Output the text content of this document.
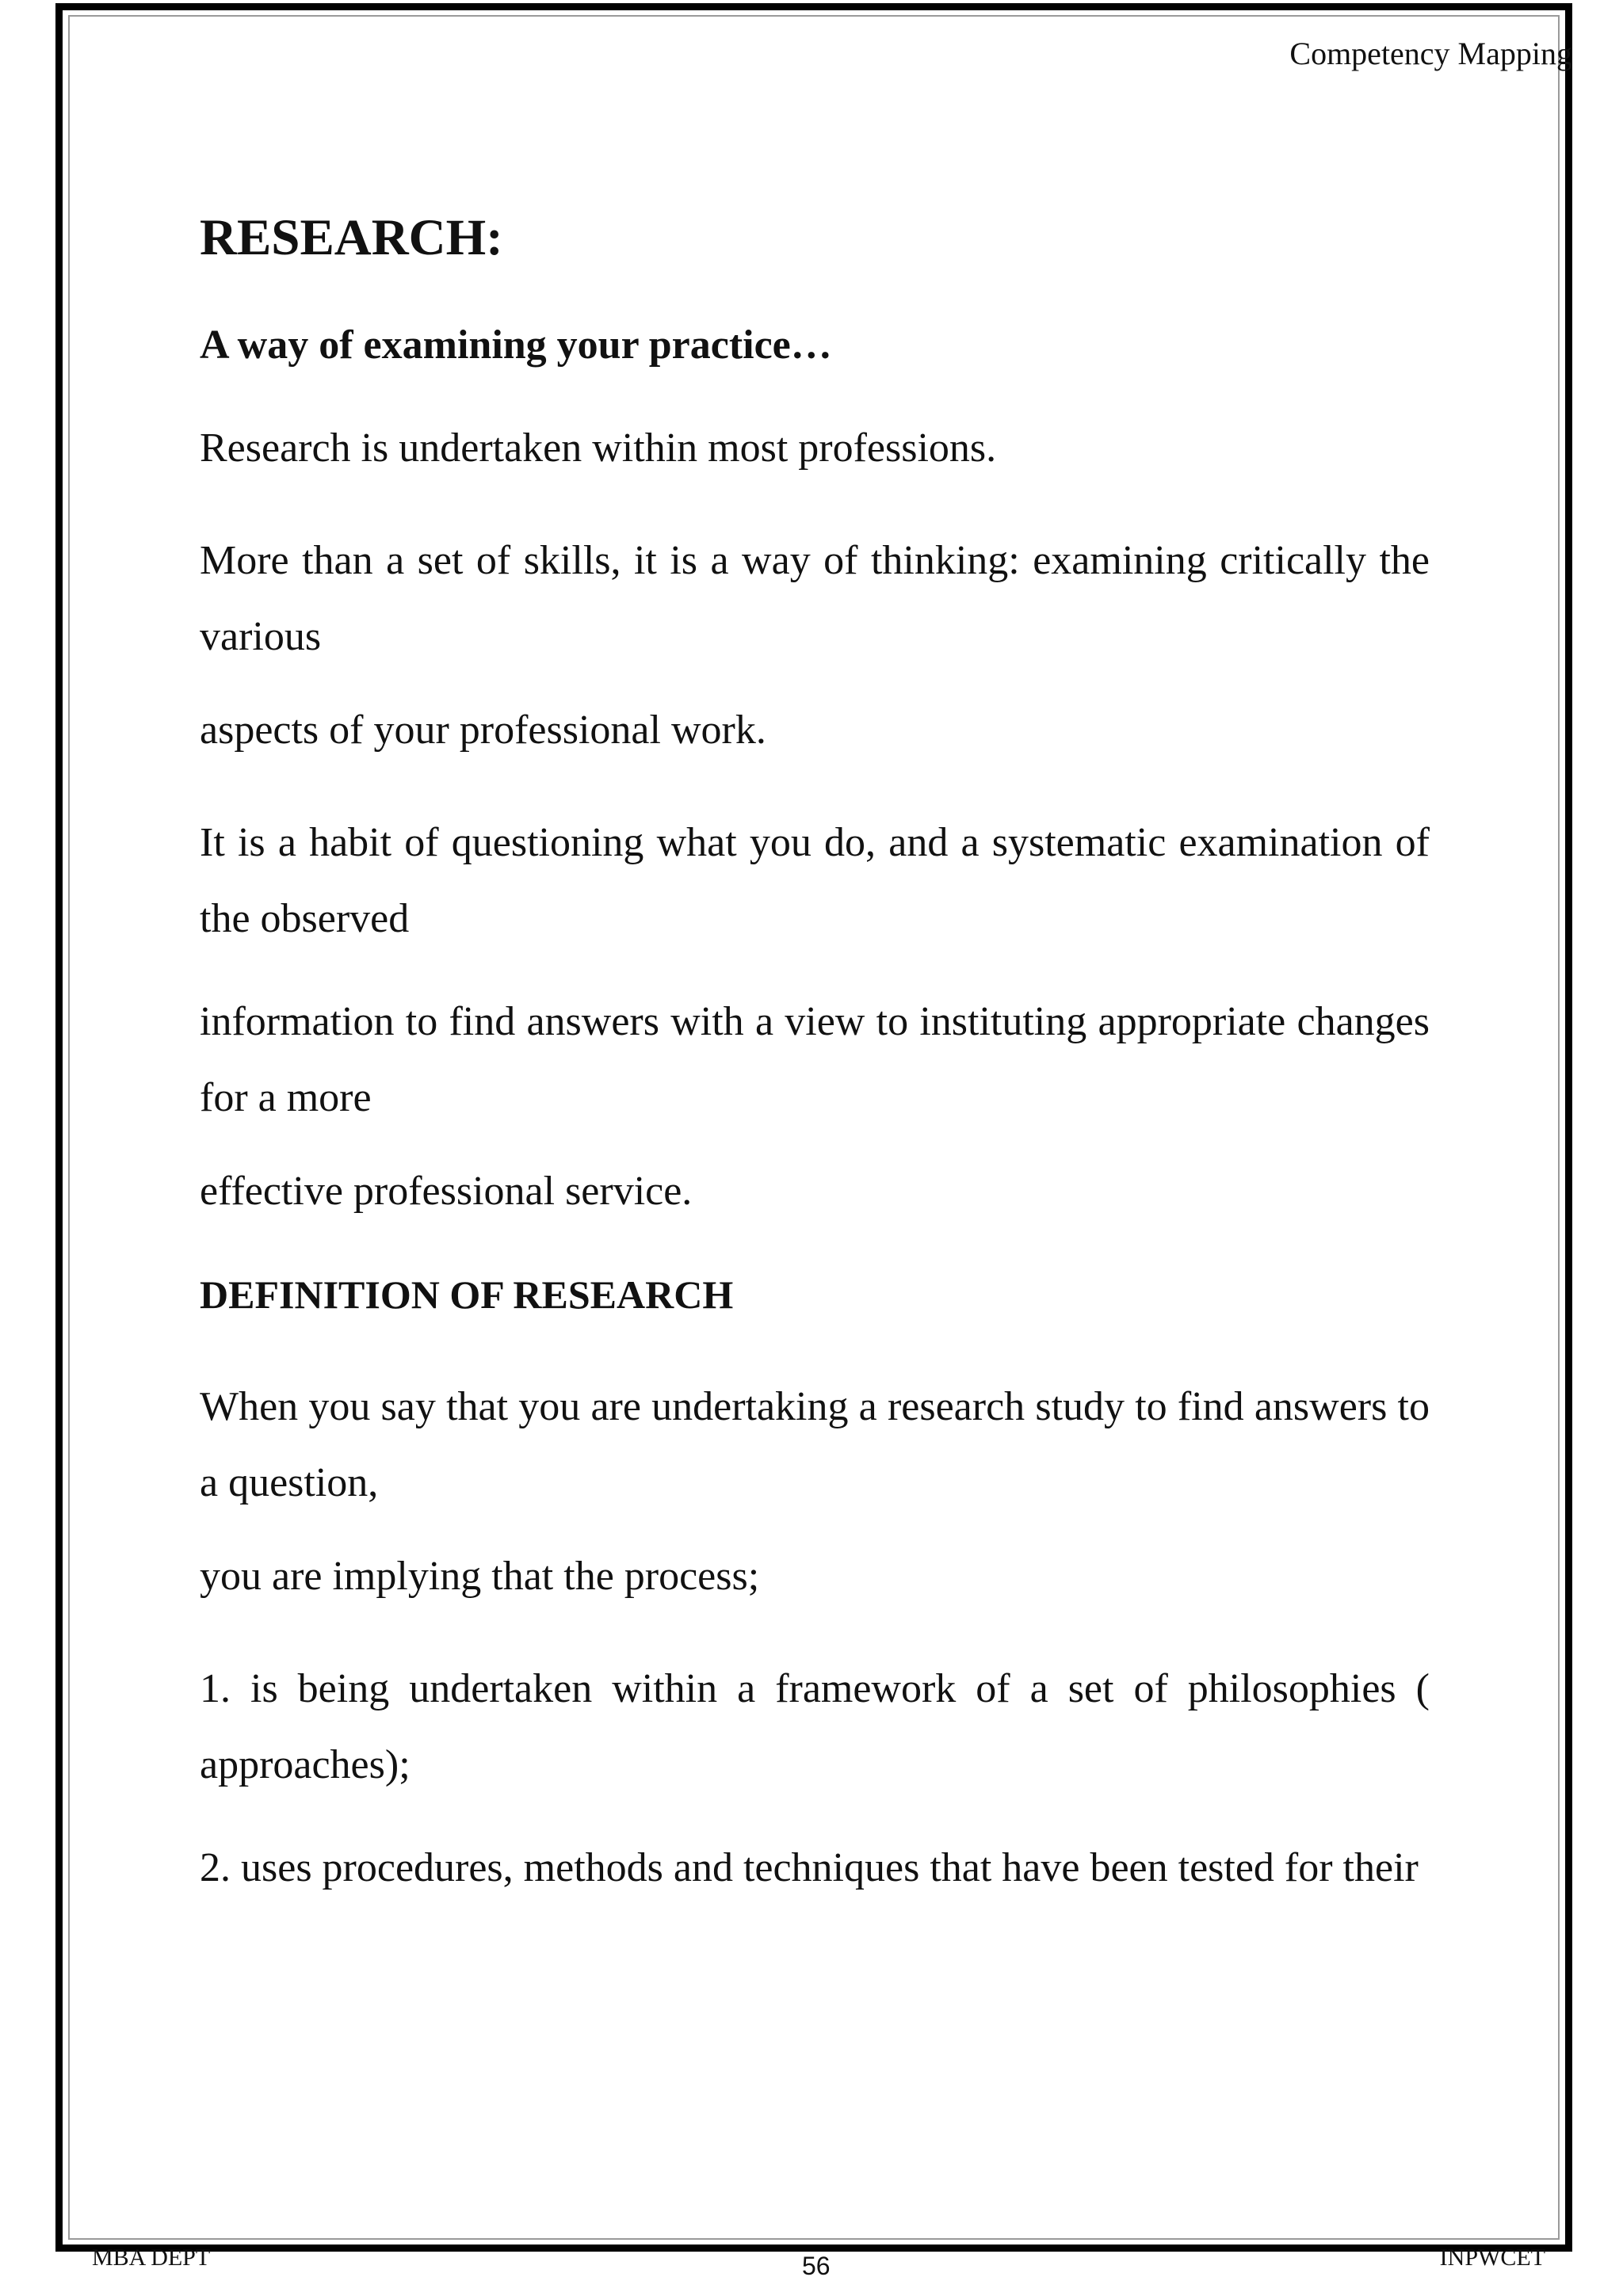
Competency Mapping
RESEARCH:
A way of examining your practice…

Research is undertaken within most professions.

More than a set of skills, it is a way of thinking: examining critically the various

aspects of your professional work.

It is a habit of questioning what you do, and a systematic examination of the observed

information to find answers with a view to instituting appropriate changes for a more

effective professional service.

DEFINITION OF RESEARCH

When you say that you are undertaking a research study to find answers to a question,

you are implying that the process;

1. is being undertaken within a framework of a set of philosophies ( approaches);

2. uses procedures, methods and techniques that have been tested for their

MBA DEPT	56	INPWCET
